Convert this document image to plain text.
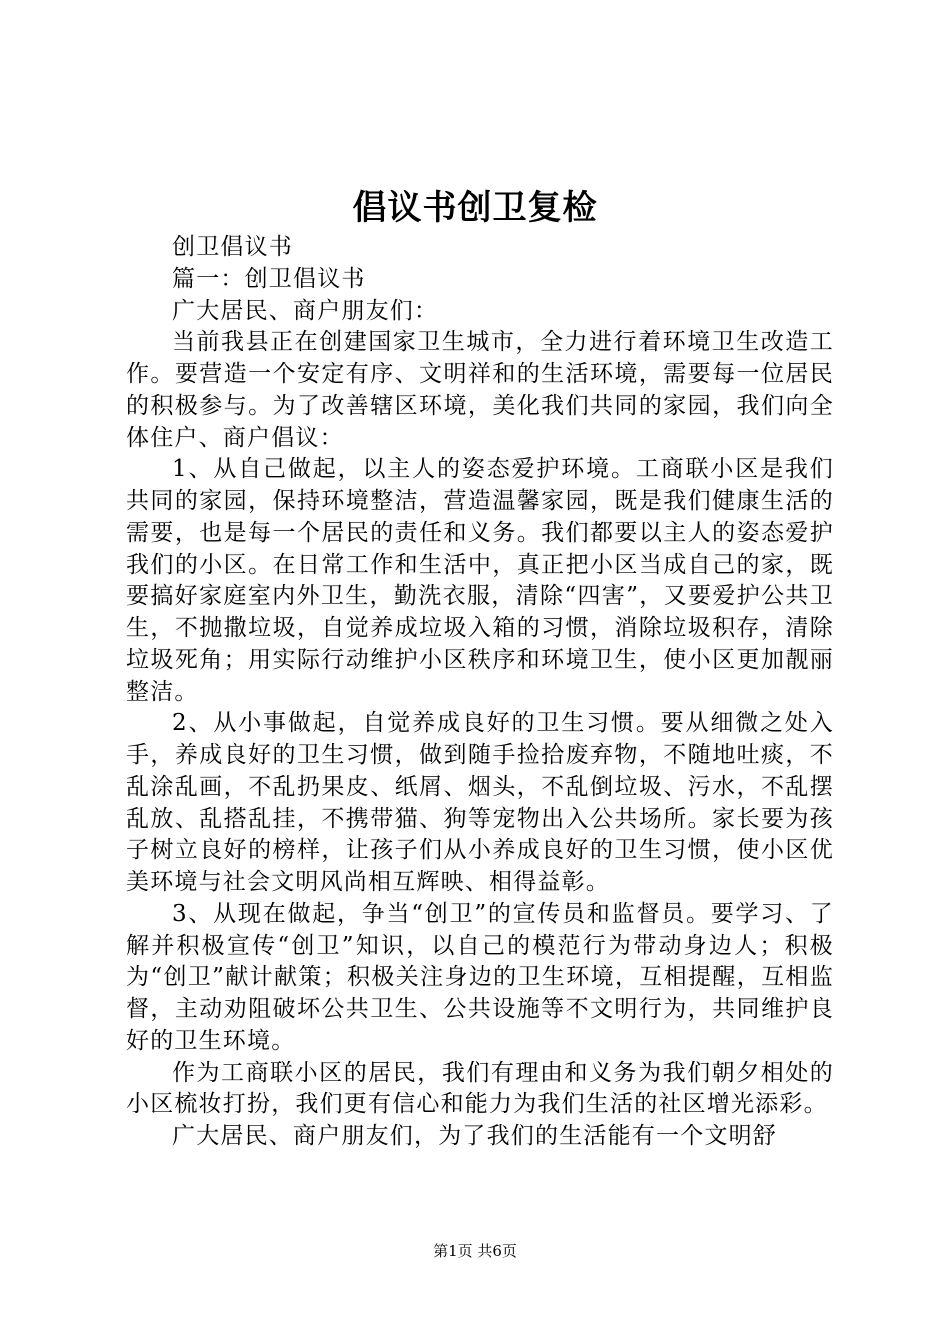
倡议书创卫复检

创卫倡议书

篇一：创卫倡议书

广大居民、商户朋友们：

当前我县正在创建国家卫生城市，全力进行着环境卫生改造工作。要营造一个安定有序、文明祥和的生活环境，需要每一位居民的积极参与。为了改善辖区环境，美化我们共同的家园，我们向全体住户、商户倡议：

1、从自己做起，以主人的姿态爱护环境。工商联小区是我们共同的家园，保持环境整洁，营造温馨家园，既是我们健康生活的需要，也是每一个居民的责任和义务。我们都要以主人的姿态爱护我们的小区。在日常工作和生活中，真正把小区当成自己的家，既要搞好家庭室内外卫生，勤洗衣服，清除“四害”，又要爱护公共卫生，不抛撒垃圾，自觉养成垃圾入箱的习惯，消除垃圾积存，清除垃圾死角；用实际行动维护小区秩序和环境卫生，使小区更加靓丽整洁。

2、从小事做起，自觉养成良好的卫生习惯。要从细微之处入手，养成良好的卫生习惯，做到随手捡拾废弃物，不随地吐痰，不乱涂乱画，不乱扔果皮、纸屑、烟头，不乱倒垃圾、污水，不乱摆乱放、乱搭乱挂，不携带猫、狗等宠物出入公共场所。家长要为孩子树立良好的榜样，让孩子们从小养成良好的卫生习惯，使小区优美环境与社会文明风尚相互辉映、相得益彰。

3、从现在做起，争当“创卫”的宣传员和监督员。要学习、了解并积极宣传“创卫”知识，以自己的模范行为带动身边人；积极为“创卫”献计献策；积极关注身边的卫生环境，互相提醒，互相监督，主动劝阻破坏公共卫生、公共设施等不文明行为，共同维护良好的卫生环境。

作为工商联小区的居民，我们有理由和义务为我们朝夕相处的小区梳妆打扮，我们更有信心和能力为我们生活的社区增光添彩。

广大居民、商户朋友们，为了我们的生活能有一个文明舒

第1页 共6页
